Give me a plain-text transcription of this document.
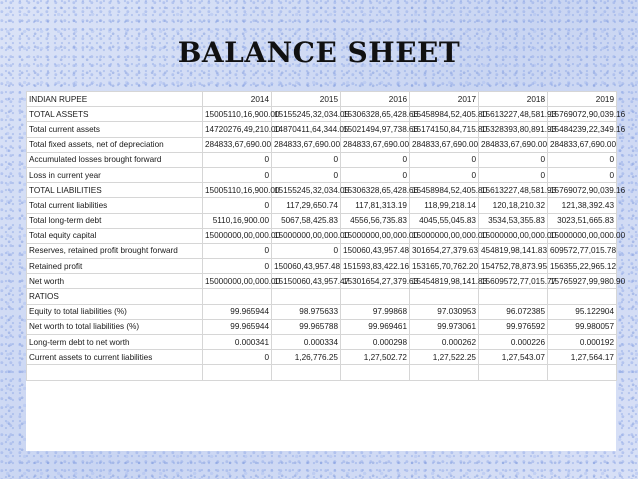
BALANCE SHEET
INDIAN RUPEE	2014	2015	2016	2017	2018	2019
TOTAL ASSETS	15005110,16,900.00	15155245,32,034.05	15306328,65,428.66	15458984,52,405.80	15613227,48,581.93	15769072,90,039.16
Total current assets	14720276,49,210.00	14870411,64,344.05	15021494,97,738.66	15174150,84,715.80	15328393,80,891.93	15484239,22,349.16
Total fixed assets, net of depreciation	284833,67,690.00	284833,67,690.00	284833,67,690.00	284833,67,690.00	284833,67,690.00	284833,67,690.00
Accumulated losses brought forward	0	0	0	0	0	0
Loss in current year	0	0	0	0	0	0
TOTAL LIABILITIES	15005110,16,900.00	15155245,32,034.05	15306328,65,428.66	15458984,52,405.80	15613227,48,581.93	15769072,90,039.16
Total current liabilities	0	117,29,650.74	117,81,313.19	118,99,218.14	120,18,210.32	121,38,392.43
Total long-term debt	5110,16,900.00	5067,58,425.83	4556,56,735.83	4045,55,045.83	3534,53,355.83	3023,51,665.83
Total equity capital	15000000,00,000.00	15000000,00,000.00	15000000,00,000.00	15000000,00,000.00	15000000,00,000.00	15000000,00,000.00
Reserves, retained profit brought forward	0	0	150060,43,957.48	301654,27,379.63	454819,98,141.83	609572,77,015.78
Retained profit	0	150060,43,957.48	151593,83,422.16	153165,70,762.20	154752,78,873.95	156355,22,965.12
Net worth	15000000,00,000.00	15150060,43,957.47	15301654,27,379.63	15454819,98,141.83	15609572,77,015.77	15765927,99,980.90
RATIOS						
Equity to total liabilities (%)	99.965944	98.975633	97.99868	97.030953	96.072385	95.122904
Net worth to total liabilities (%)	99.965944	99.965788	99.969461	99.973061	99.976592	99.980057
Long-term debt to net worth	0.000341	0.000334	0.000298	0.000262	0.000226	0.000192
Current assets to current liabilities	0	1,26,776.25	1,27,502.72	1,27,522.25	1,27,543.07	1,27,564.17
